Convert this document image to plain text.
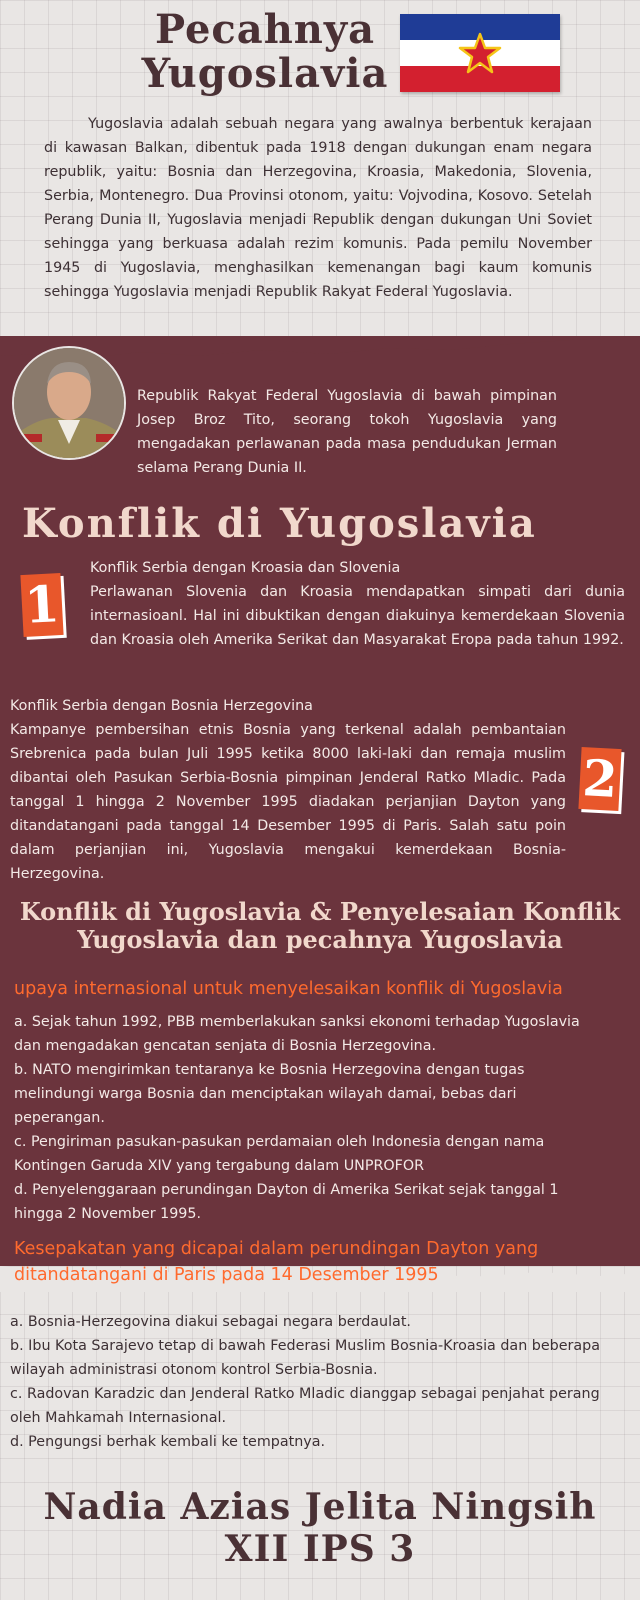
Pecahnya
Yugoslavia

Yugoslavia adalah sebuah negara yang awalnya berbentuk kerajaan di kawasan Balkan, dibentuk pada 1918 dengan dukungan enam negara republik, yaitu: Bosnia dan Herzegovina, Kroasia, Makedonia, Slovenia, Serbia, Montenegro. Dua Provinsi otonom, yaitu: Vojvodina, Kosovo. Setelah Perang Dunia II, Yugoslavia menjadi Republik dengan dukungan Uni Soviet sehingga yang berkuasa adalah rezim komunis. Pada pemilu November 1945 di Yugoslavia, menghasilkan kemenangan bagi kaum komunis sehingga Yugoslavia menjadi Republik Rakyat Federal Yugoslavia.

Republik Rakyat Federal Yugoslavia di bawah pimpinan Josep Broz Tito, seorang tokoh Yugoslavia yang mengadakan perlawanan pada masa pendudukan Jerman selama Perang Dunia II.

Konflik di Yugoslavia
1

Konflik Serbia dengan Kroasia dan Slovenia

Perlawanan Slovenia dan Kroasia mendapatkan simpati dari dunia internasioanl. Hal ini dibuktikan dengan diakuinya kemerdekaan Slovenia dan Kroasia oleh Amerika Serikat dan Masyarakat Eropa pada tahun 1992.

Konflik Serbia dengan Bosnia Herzegovina

Kampanye pembersihan etnis Bosnia yang terkenal adalah pembantaian Srebrenica pada bulan Juli 1995 ketika 8000 laki-laki dan remaja muslim dibantai oleh Pasukan Serbia-Bosnia pimpinan Jenderal Ratko Mladic. Pada tanggal 1 hingga 2 November 1995 diadakan perjanjian Dayton yang ditandatangani pada tanggal 14 Desember 1995 di Paris. Salah satu poin dalam perjanjian ini, Yugoslavia mengakui kemerdekaan Bosnia- Herzegovina.

2
Konflik di Yugoslavia & Penyelesaian Konflik
Yugoslavia dan pecahnya Yugoslavia

upaya internasional untuk menyelesaikan konflik di Yugoslavia

a. Sejak tahun 1992, PBB memberlakukan sanksi ekonomi terhadap Yugoslavia dan mengadakan gencatan senjata di Bosnia Herzegovina.

b. NATO mengirimkan tentaranya ke Bosnia Herzegovina dengan tugas melindungi warga Bosnia dan menciptakan wilayah damai, bebas dari peperangan.

c. Pengiriman pasukan-pasukan perdamaian oleh Indonesia dengan nama Kontingen Garuda XIV yang tergabung dalam UNPROFOR

d. Penyelenggaraan perundingan Dayton di Amerika Serikat sejak tanggal 1 hingga 2 November 1995.

Kesepakatan yang dicapai dalam perundingan Dayton yang ditandatangani di Paris pada 14 Desember 1995

a. Bosnia-Herzegovina diakui sebagai negara berdaulat.

b. Ibu Kota Sarajevo tetap di bawah Federasi Muslim Bosnia-Kroasia dan beberapa wilayah administrasi otonom kontrol Serbia-Bosnia.

c. Radovan Karadzic dan Jenderal Ratko Mladic dianggap sebagai penjahat perang oleh Mahkamah Internasional.

d. Pengungsi berhak kembali ke tempatnya.

Nadia Azias Jelita Ningsih
XII IPS 3
